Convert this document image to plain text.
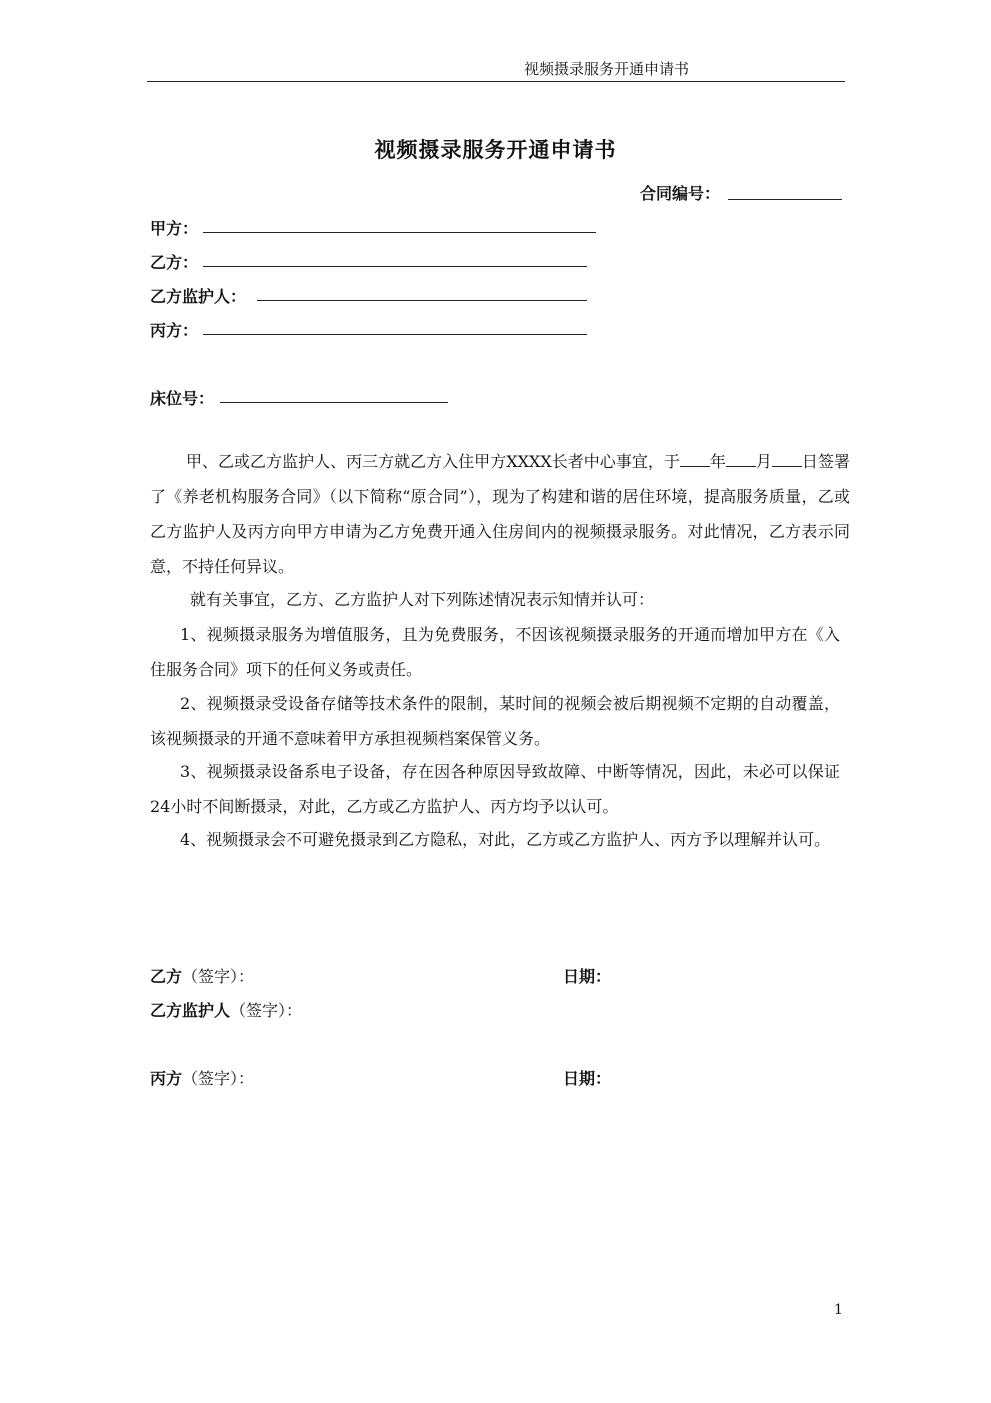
视频摄录服务开通申请书
视频摄录服务开通申请书
合同编号：
甲方：
乙方：
乙方监护人：
丙方：
床位号：
甲、乙或乙方监护人、丙三方就乙方入住甲方XXXX长者中心事宜，于 年 月 日签署了《养老机构服务合同》（以下简称“原合同”），现为了构建和谐的居住环境，提高服务质量，乙或乙方监护人及丙方向甲方申请为乙方免费开通入住房间内的视频摄录服务。对此情况，乙方表示同意，不持任何异议。
就有关事宜，乙方、乙方监护人对下列陈述情况表示知情并认可：
1、视频摄录服务为增值服务，且为免费服务，不因该视频摄录服务的开通而增加甲方在《入住服务合同》项下的任何义务或责任。
2、视频摄录受设备存储等技术条件的限制，某时间的视频会被后期视频不定期的自动覆盖，该视频摄录的开通不意味着甲方承担视频档案保管义务。
3、视频摄录设备系电子设备，存在因各种原因导致故障、中断等情况，因此，未必可以保证24小时不间断摄录，对此，乙方或乙方监护人、丙方均予以认可。
4、视频摄录会不可避免摄录到乙方隐私，对此，乙方或乙方监护人、丙方予以理解并认可。
乙方（签字）：	日期：
乙方监护人（签字）：
丙方（签字）：	日期：
1
